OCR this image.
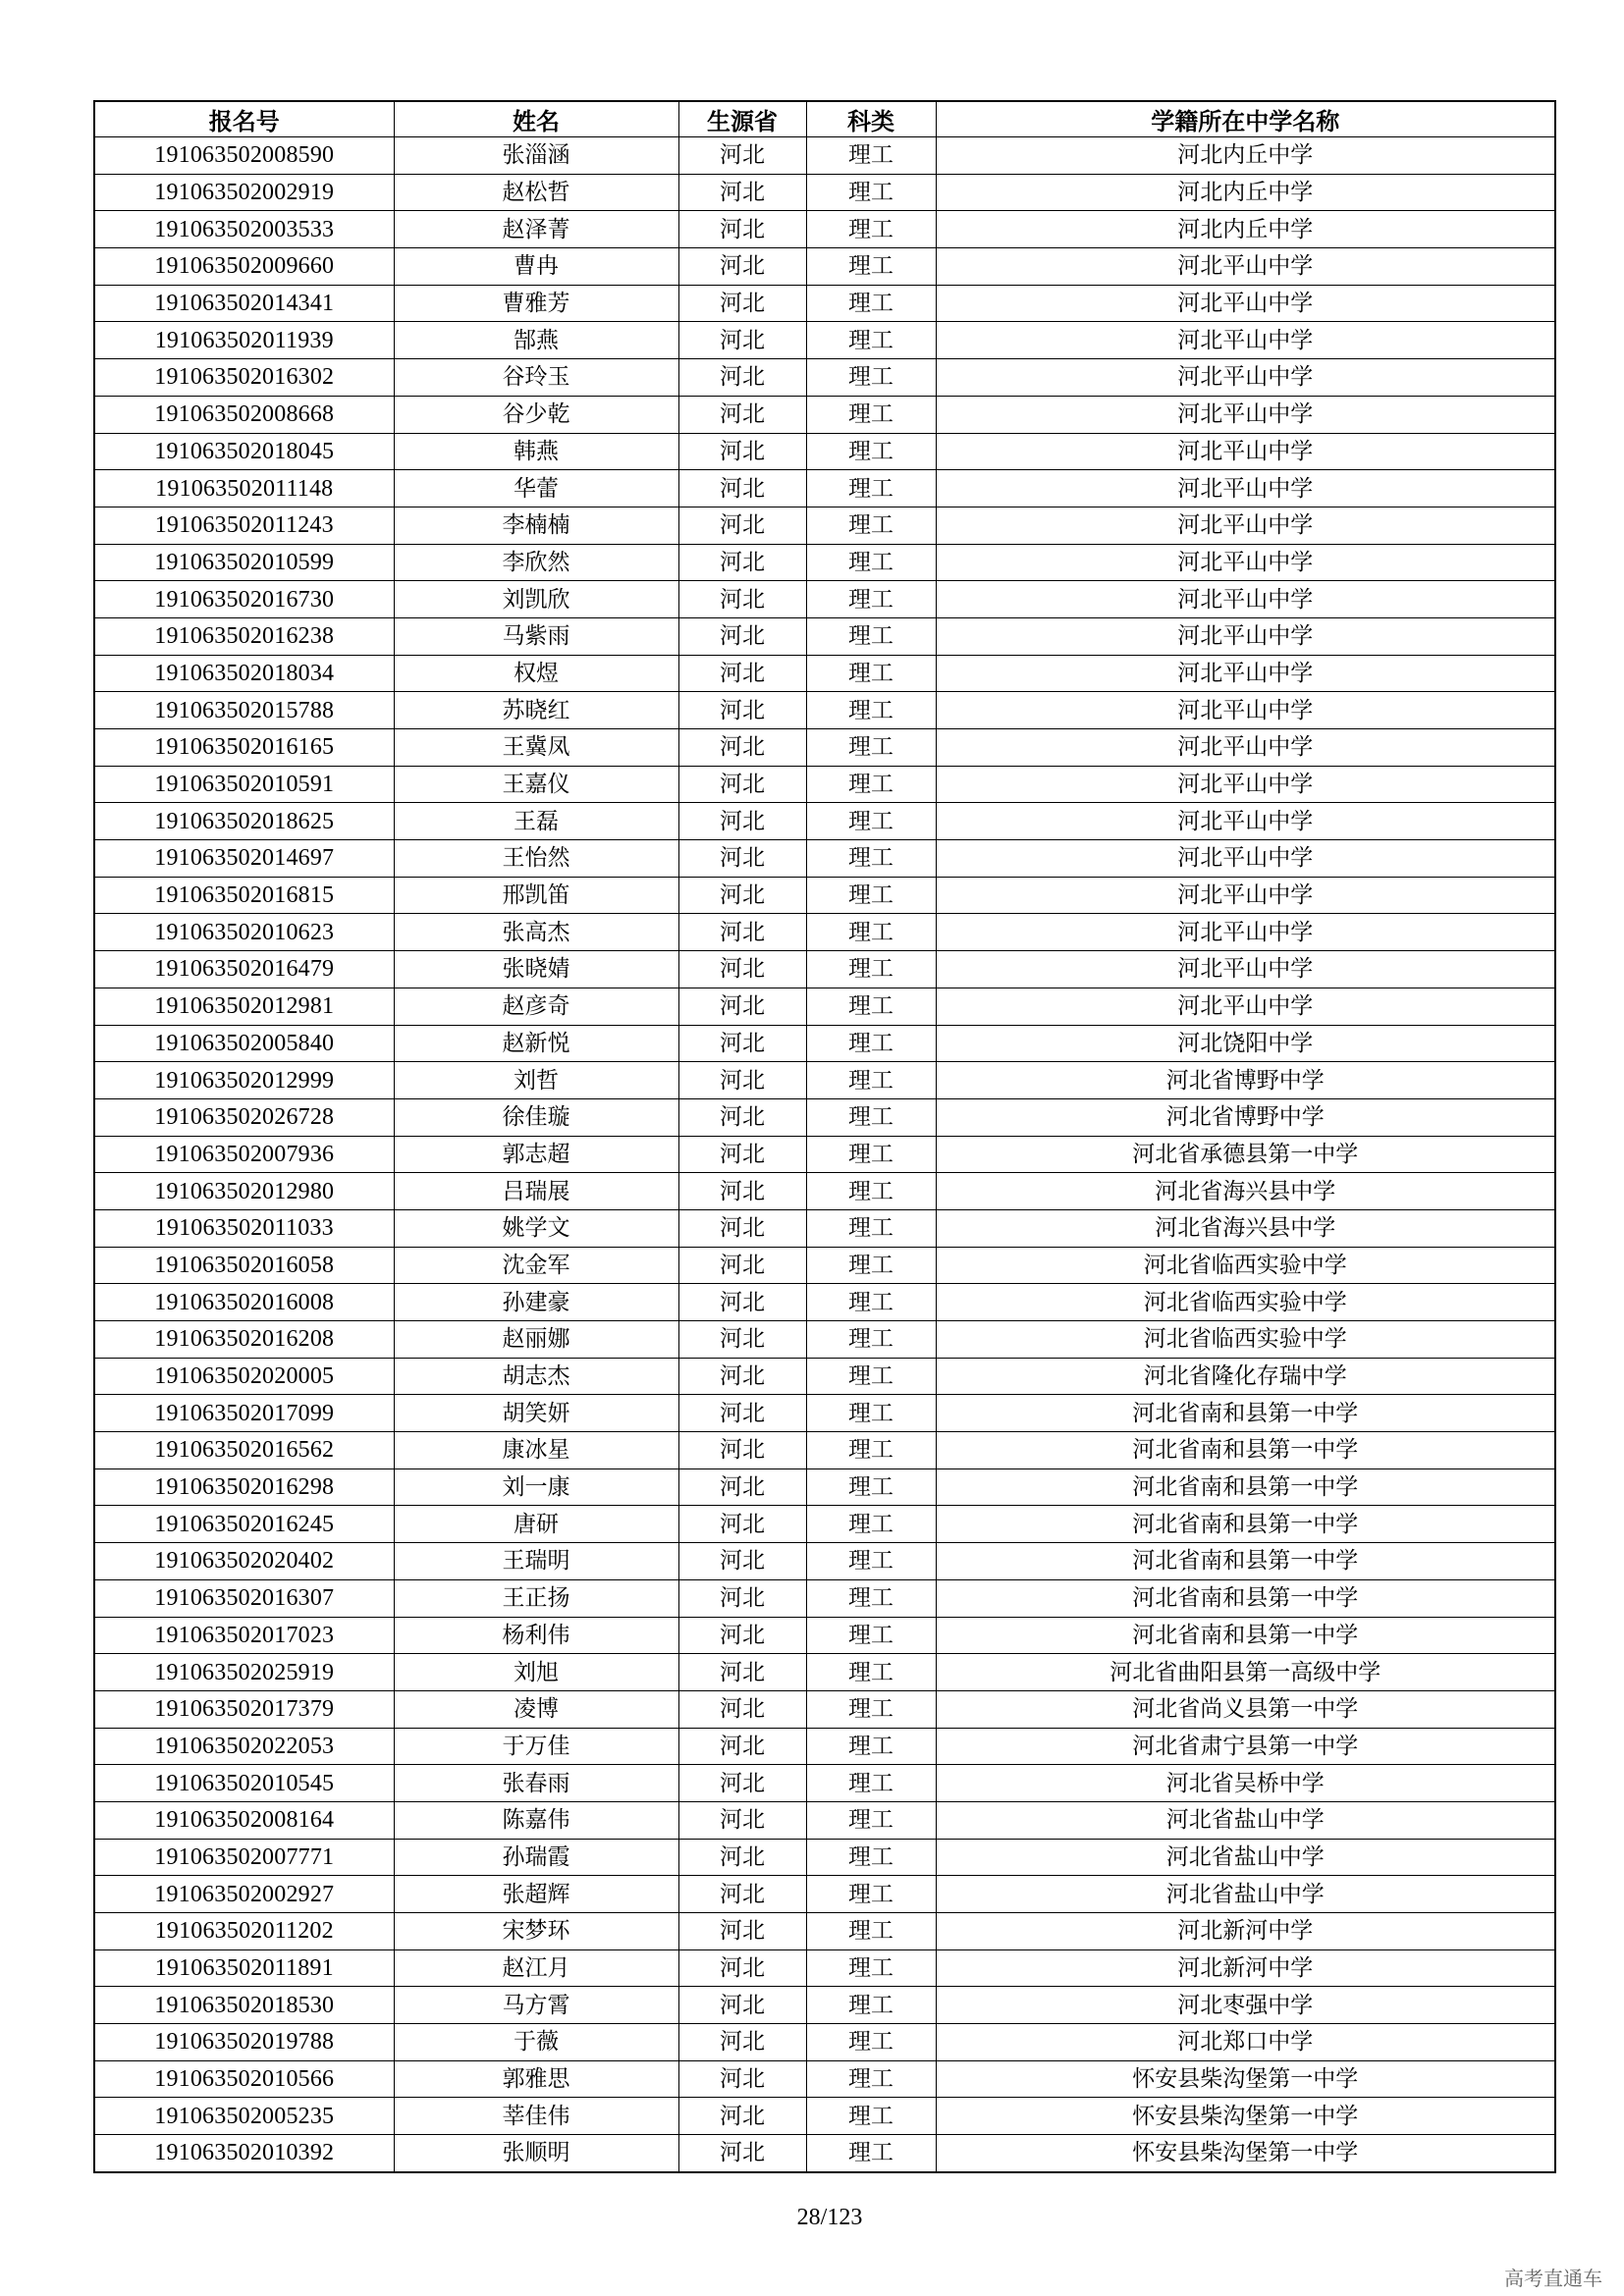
报名号	姓名	生源省	科类	学籍所在中学名称
191063502008590	张淄涵	河北	理工	河北内丘中学
191063502002919	赵松哲	河北	理工	河北内丘中学
191063502003533	赵泽菁	河北	理工	河北内丘中学
191063502009660	曹冉	河北	理工	河北平山中学
191063502014341	曹雅芳	河北	理工	河北平山中学
191063502011939	郜燕	河北	理工	河北平山中学
191063502016302	谷玲玉	河北	理工	河北平山中学
191063502008668	谷少乾	河北	理工	河北平山中学
191063502018045	韩燕	河北	理工	河北平山中学
191063502011148	华蕾	河北	理工	河北平山中学
191063502011243	李楠楠	河北	理工	河北平山中学
191063502010599	李欣然	河北	理工	河北平山中学
191063502016730	刘凯欣	河北	理工	河北平山中学
191063502016238	马紫雨	河北	理工	河北平山中学
191063502018034	权煜	河北	理工	河北平山中学
191063502015788	苏晓红	河北	理工	河北平山中学
191063502016165	王冀凤	河北	理工	河北平山中学
191063502010591	王嘉仪	河北	理工	河北平山中学
191063502018625	王磊	河北	理工	河北平山中学
191063502014697	王怡然	河北	理工	河北平山中学
191063502016815	邢凯笛	河北	理工	河北平山中学
191063502010623	张高杰	河北	理工	河北平山中学
191063502016479	张晓婧	河北	理工	河北平山中学
191063502012981	赵彦奇	河北	理工	河北平山中学
191063502005840	赵新悦	河北	理工	河北饶阳中学
191063502012999	刘哲	河北	理工	河北省博野中学
191063502026728	徐佳璇	河北	理工	河北省博野中学
191063502007936	郭志超	河北	理工	河北省承德县第一中学
191063502012980	吕瑞展	河北	理工	河北省海兴县中学
191063502011033	姚学文	河北	理工	河北省海兴县中学
191063502016058	沈金军	河北	理工	河北省临西实验中学
191063502016008	孙建豪	河北	理工	河北省临西实验中学
191063502016208	赵丽娜	河北	理工	河北省临西实验中学
191063502020005	胡志杰	河北	理工	河北省隆化存瑞中学
191063502017099	胡笑妍	河北	理工	河北省南和县第一中学
191063502016562	康冰星	河北	理工	河北省南和县第一中学
191063502016298	刘一康	河北	理工	河北省南和县第一中学
191063502016245	唐研	河北	理工	河北省南和县第一中学
191063502020402	王瑞明	河北	理工	河北省南和县第一中学
191063502016307	王正扬	河北	理工	河北省南和县第一中学
191063502017023	杨利伟	河北	理工	河北省南和县第一中学
191063502025919	刘旭	河北	理工	河北省曲阳县第一高级中学
191063502017379	凌博	河北	理工	河北省尚义县第一中学
191063502022053	于万佳	河北	理工	河北省肃宁县第一中学
191063502010545	张春雨	河北	理工	河北省吴桥中学
191063502008164	陈嘉伟	河北	理工	河北省盐山中学
191063502007771	孙瑞霞	河北	理工	河北省盐山中学
191063502002927	张超辉	河北	理工	河北省盐山中学
191063502011202	宋梦环	河北	理工	河北新河中学
191063502011891	赵江月	河北	理工	河北新河中学
191063502018530	马方霄	河北	理工	河北枣强中学
191063502019788	于薇	河北	理工	河北郑口中学
191063502010566	郭雅思	河北	理工	怀安县柴沟堡第一中学
191063502005235	莘佳伟	河北	理工	怀安县柴沟堡第一中学
191063502010392	张顺明	河北	理工	怀安县柴沟堡第一中学
28/123
高考直通车
